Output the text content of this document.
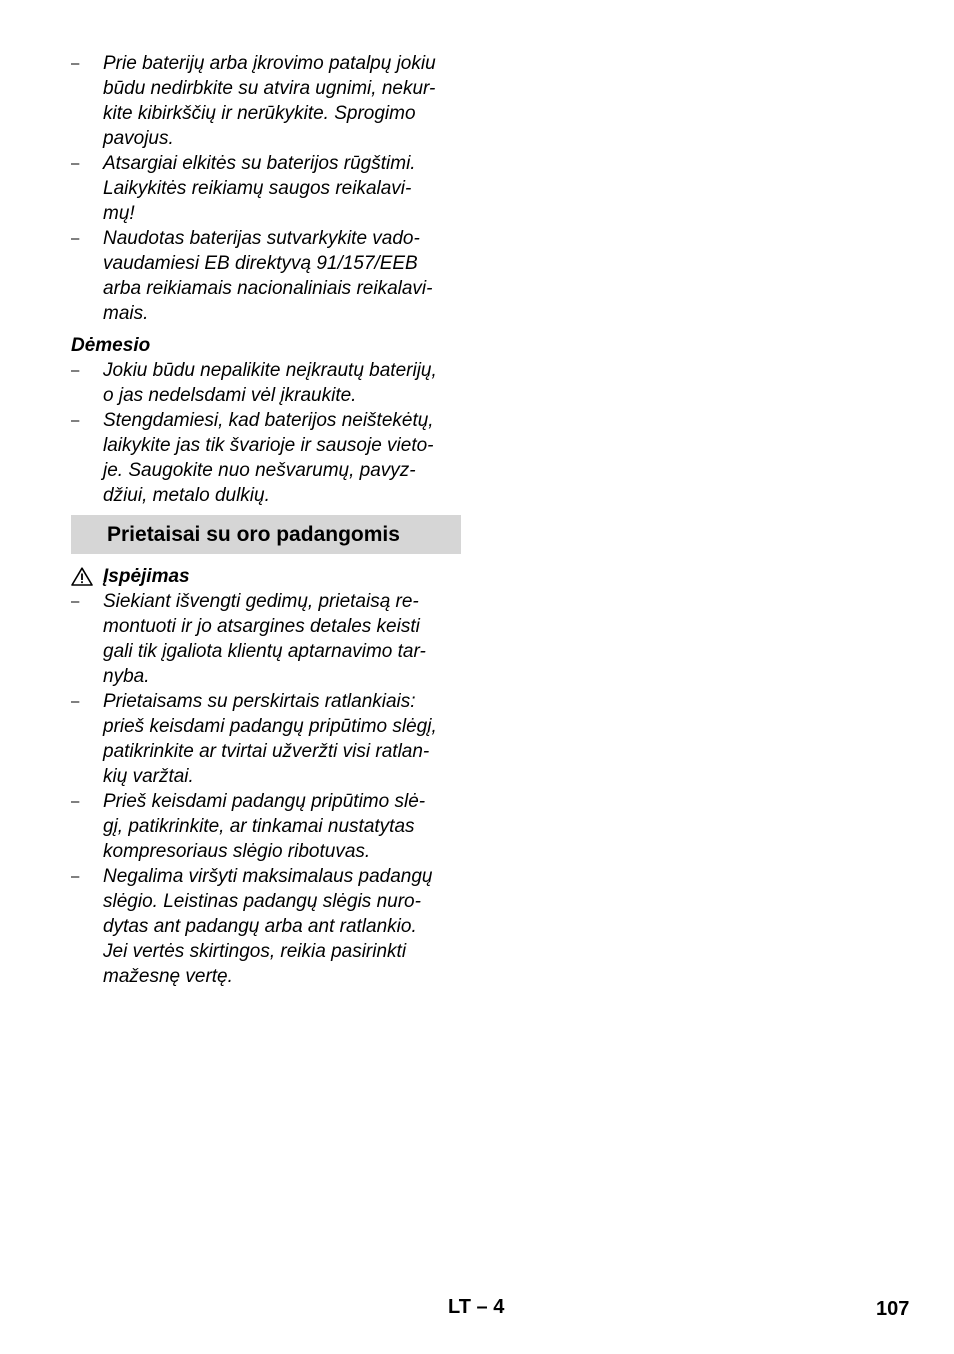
– Prie baterijų arba įkrovimo patalpų jokiu
būdu nedirbkite su atvira ugnimi, nekur-
kite kibirkščių ir nerūkykite. Sprogimo
pavojus.
– Atsargiai elkitės su baterijos rūgštimi.
Laikykitės reikiamų saugos reikalavi-
mų!
– Naudotas baterijas sutvarkykite vado-
vaudamiesi EB direktyvą 91/157/EEB
arba reikiamais nacionaliniais reikalavi-
mais.
Dėmesio
– Jokiu būdu nepalikite neįkrautų baterijų,
o jas nedelsdami vėl įkraukite.
– Stengdamiesi, kad baterijos neištekėtų,
laikykite jas tik švarioje ir sausoje vieto-
je. Saugokite nuo nešvarumų, pavyz-
džiui, metalo dulkių.
Prietaisai su oro padangomis
Įspėjimas
– Siekiant išvengti gedimų, prietaisą re-
montuoti ir jo atsargines detales keisti
gali tik įgaliota klientų aptarnavimo tar-
nyba.
– Prietaisams su perskirtais ratlankiais:
prieš keisdami padangų pripūtimo slėgį,
patikrinkite ar tvirtai užveržti visi ratlan-
kių varžtai.
– Prieš keisdami padangų pripūtimo slė-
gį, patikrinkite, ar tinkamai nustatytas
kompresoriaus slėgio ribotuvas.
– Negalima viršyti maksimalaus padangų
slėgio. Leistinas padangų slėgis nuro-
dytas ant padangų arba ant ratlankio.
Jei vertės skirtingos, reikia pasirinkti
mažesnę vertę.
LT – 4	107
